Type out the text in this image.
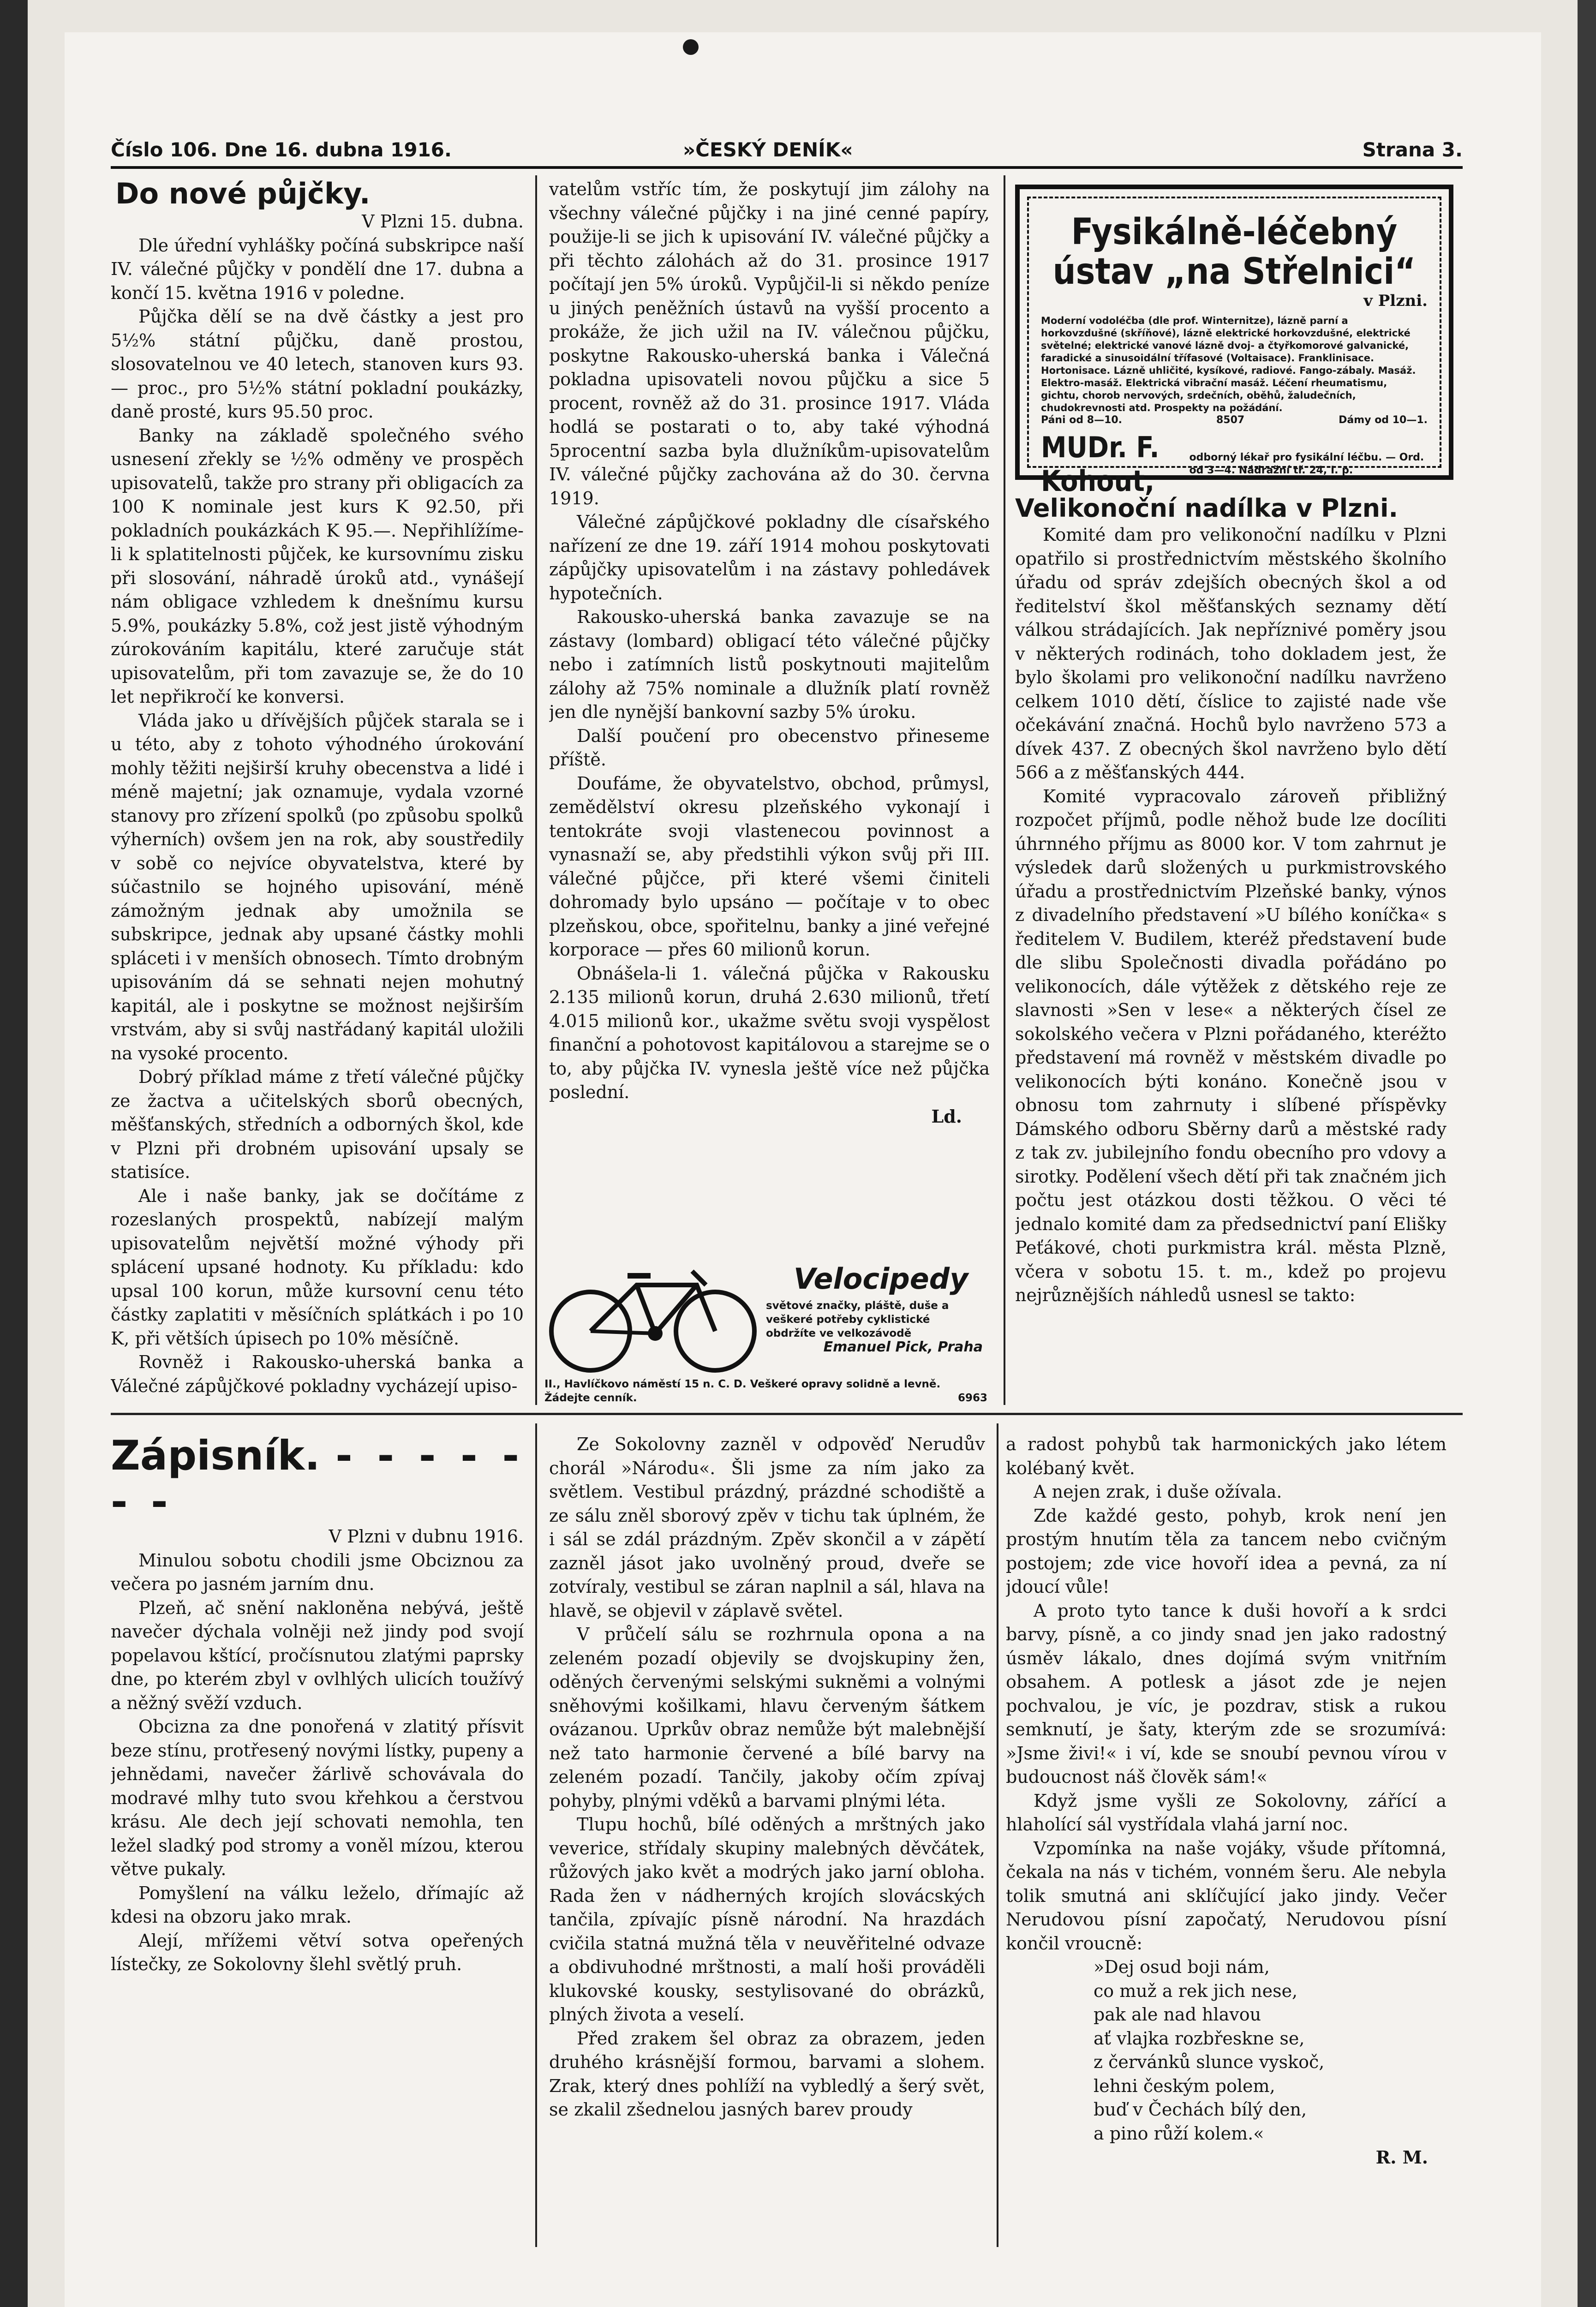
Číslo 106. Dne 16. dubna 1916.	»ČESKÝ DENÍK«	Strana 3.
Do nové půjčky.
V Plzni 15. dubna.

Dle úřední vyhlášky počíná subskripce naší IV. válečné půjčky v pondělí dne 17. dubna a končí 15. května 1916 v poledne.

Půjčka dělí se na dvě částky a jest pro 5½% státní půjčku, daně prostou, slosovatelnou ve 40 letech, stanoven kurs 93.— proc., pro 5½% státní pokladní poukázky, daně prosté, kurs 95.50 proc.

Banky na základě společného svého usnesení zřekly se ½% odměny ve prospěch upisovatelů, takže pro strany při obligacích za 100 K nominale jest kurs K 92.50, při pokladních poukázkách K 95.—. Nepřihlížíme-li k splatitelnosti půjček, ke kursovnímu zisku při slosování, náhradě úroků atd., vynášejí nám obligace vzhledem k dnešnímu kursu 5.9%, poukázky 5.8%, což jest jistě výhodným zúrokováním kapitálu, které zaručuje stát upisovatelům, při tom zavazuje se, že do 10 let nepřikročí ke konversi.

Vláda jako u dřívějších půjček starala se i u této, aby z tohoto výhodného úrokování mohly těžiti nejširší kruhy obecenstva a lidé i méně majetní; jak oznamuje, vydala vzorné stanovy pro zřízení spolků (po způsobu spolků výherních) ovšem jen na rok, aby soustředily v sobě co nejvíce obyvatelstva, které by súčastnilo se hojného upisování, méně zámožným jednak aby umožnila se subskripce, jednak aby upsané částky mohli spláceti i v menších obnosech. Tímto drobným upisováním dá se sehnati nejen mohutný kapitál, ale i poskytne se možnost nejširším vrstvám, aby si svůj nastřádaný kapitál uložili na vysoké procento.

Dobrý příklad máme z třetí válečné půjčky ze žactva a učitelských sborů obecných, měšťanských, středních a odborných škol, kde v Plzni při drobném upisování upsaly se statisíce.

Ale i naše banky, jak se dočítáme z rozeslaných prospektů, nabízejí malým upisovatelům největší možné výhody při splácení upsané hodnoty. Ku příkladu: kdo upsal 100 korun, může kursovní cenu této částky zaplatiti v měsíčních splátkách i po 10 K, při větších úpisech po 10% měsíčně.

Rovněž i Rakousko-uherská banka a Válečné zápůjčkové pokladny vycházejí upiso-

vatelům vstříc tím, že poskytují jim zálohy na všechny válečné půjčky i na jiné cenné papíry, použije-li se jich k upisování IV. válečné půjčky a při těchto zálohách až do 31. prosince 1917 počítají jen 5% úroků. Vypůjčil-li si někdo peníze u jiných peněžních ústavů na vyšší procento a prokáže, že jich užil na IV. válečnou půjčku, poskytne Rakousko-uherská banka i Válečná pokladna upisovateli novou půjčku a sice 5 procent, rovněž až do 31. prosince 1917. Vláda hodlá se postarati o to, aby také výhodná 5procentní sazba byla dlužníkům-upisovatelům IV. válečné půjčky zachována až do 30. června 1919.

Válečné zápůjčkové pokladny dle císařského nařízení ze dne 19. září 1914 mohou poskytovati zápůjčky upisovatelům i na zástavy pohledávek hypotečních.

Rakousko-uherská banka zavazuje se na zástavy (lombard) obligací této válečné půjčky nebo i zatímních listů poskytnouti majitelům zálohy až 75% nominale a dlužník platí rovněž jen dle nynější bankovní sazby 5% úroku.

Další poučení pro obecenstvo přineseme příště.

Doufáme, že obyvatelstvo, obchod, průmysl, zemědělství okresu plzeňského vykonají i tentokráte svoji vlastenecou povinnost a vynasnaží se, aby předstihli výkon svůj při III. válečné půjčce, při které všemi činiteli dohromady bylo upsáno — počítaje v to obec plzeňskou, obce, spořitelnu, banky a jiné veřejné korporace — přes 60 milionů korun.

Obnášela-li 1. válečná půjčka v Rakousku 2.135 milionů korun, druhá 2.630 milionů, třetí 4.015 milionů kor., ukažme světu svoji vyspělost finanční a pohotovost kapitálovou a starejme se o to, aby půjčka IV. vynesla ještě více než půjčka poslední.

Ld.
Velocipedy
světové značky, pláště, duše a veškeré potřeby cyklistické obdržíte ve velkozávodě
Emanuel Pick, Praha
II., Havlíčkovo náměstí 15 n. C. D. Veškeré opravy solidně a levně. Žádejte cenník.	6963
Fysikálně-léčebný ústav „na Střelnici“
v Plzni.
Moderní vodoléčba (dle prof. Winternitze), lázně parní a horkovzdušné (skříňové), lázně elektrické horkovzdušné, elektrické světelné; elektrické vanové lázně dvoj- a čtyřkomorové galvanické, faradické a sinusoidální třífasové (Voltaisace). Franklinisace. Hortonisace. Lázně uhličité, kysíkové, radiové. Fango-zábaly. Masáž. Elektro-masáž. Elektrická vibrační masáž. Léčení rheumatismu, gichtu, chorob nervových, srdečních, oběhů, žaludečních, chudokrevnosti atd. Prospekty na požádání.
Páni od 8—10.	8507	Dámy od 10—1.
MUDr. F. Kohout,
odborný lékař pro fysikální léčbu. — Ord. od 3—4. Nádražní tř. 24, I. p.
Velikonoční nadílka v Plzni.

Komité dam pro velikonoční nadílku v Plzni opatřilo si prostřednictvím městského školního úřadu od správ zdejších obecných škol a od ředitelství škol měšťanských seznamy dětí válkou strádajících. Jak nepříznivé poměry jsou v některých rodinách, toho dokladem jest, že bylo školami pro velikonoční nadílku navrženo celkem 1010 dětí, číslice to zajisté nade vše očekávání značná. Hochů bylo navrženo 573 a dívek 437. Z obecných škol navrženo bylo dětí 566 a z měšťanských 444.

Komité vypracovalo zároveň přibližný rozpočet příjmů, podle něhož bude lze docíliti úhrnného příjmu as 8000 kor. V tom zahrnut je výsledek darů složených u purkmistrovského úřadu a prostřednictvím Plzeňské banky, výnos z divadelního představení »U bílého koníčka« s ředitelem V. Budilem, kteréž představení bude dle slibu Společnosti divadla pořádáno po velikonocích, dále výtěžek z dětského reje ze slavnosti »Sen v lese« a některých čísel ze sokolského večera v Plzni pořádaného, kteréžto představení má rovněž v městském divadle po velikonocích býti konáno. Konečně jsou v obnosu tom zahrnuty i slíbené příspěvky Dámského odboru Sběrny darů a městské rady z tak zv. jubilejního fondu obecního pro vdovy a sirotky. Podělení všech dětí při tak značném jich počtu jest otázkou dosti těžkou. O věci té jednalo komité dam za předsednictví paní Elišky Peťákové, choti purkmistra král. města Plzně, včera v sobotu 15. t. m., kdež po projevu nejrůznějších náhledů usnesl se takto:

Zápisník. - - - - - - -
V Plzni v dubnu 1916.

Minulou sobotu chodili jsme Obciznou za večera po jasném jarním dnu.

Plzeň, ač snění nakloněna nebývá, ještě navečer dýchala volněji než jindy pod svojí popelavou kštící, pročísnutou zlatými paprsky dne, po kterém zbyl v ovlhlých ulicích toužívý a něžný svěží vzduch.

Obcizna za dne ponořená v zlatitý přísvit beze stínu, protřesený novými lístky, pupeny a jehnědami, navečer žárlivě schovávala do modravé mlhy tuto svou křehkou a čerstvou krásu. Ale dech její schovati nemohla, ten ležel sladký pod stromy a voněl mízou, kterou větve pukaly.

Pomyšlení na válku leželo, dřímajíc až kdesi na obzoru jako mrak.

Alejí, mřížemi větví sotva opeřených lístečky, ze Sokolovny šlehl světlý pruh.

Ze Sokolovny zazněl v odpověď Nerudův chorál »Národu«. Šli jsme za ním jako za světlem. Vestibul prázdný, prázdné schodiště a ze sálu zněl sborový zpěv v tichu tak úplném, že i sál se zdál prázdným. Zpěv skončil a v zápětí zazněl jásot jako uvolněný proud, dveře se zotvíraly, vestibul se záran naplnil a sál, hlava na hlavě, se objevil v záplavě světel.

V průčelí sálu se rozhrnula opona a na zeleném pozadí objevily se dvojskupiny žen, oděných červenými selskými sukněmi a volnými sněhovými košilkami, hlavu červeným šátkem ovázanou. Uprkův obraz nemůže být malebnější než tato harmonie červené a bílé barvy na zeleném pozadí. Tančily, jakoby očím zpívaj pohyby, plnými vděků a barvami plnými léta.

Tlupu hochů, bílé oděných a mrštných jako veverice, střídaly skupiny malebných děvčátek, růžových jako květ a modrých jako jarní obloha. Rada žen v nádherných krojích slovácských tančila, zpívajíc písně národní. Na hrazdách cvičila statná mužná těla v neuvěřitelné odvaze a obdivuhodné mrštnosti, a malí hoši prováděli klukovské kousky, sestylisované do obrázků, plných života a veselí.

Před zrakem šel obraz za obrazem, jeden druhého krásnější formou, barvami a slohem. Zrak, který dnes pohlíží na vybledlý a šerý svět, se zkalil zšednelou jasných barev proudy

a radost pohybů tak harmonických jako létem kolébaný květ.

A nejen zrak, i duše ožívala.

Zde každé gesto, pohyb, krok není jen prostým hnutím těla za tancem nebo cvičným postojem; zde vice hovoří idea a pevná, za ní jdoucí vůle!

A proto tyto tance k duši hovoří a k srdci barvy, písně, a co jindy snad jen jako radostný úsměv lákalo, dnes dojímá svým vnitřním obsahem. A potlesk a jásot zde je nejen pochvalou, je víc, je pozdrav, stisk a rukou semknutí, je šaty, kterým zde se srozumívá: »Jsme živi!« i ví, kde se snoubí pevnou vírou v budoucnost náš člověk sám!«

Když jsme vyšli ze Sokolovny, zářící a hlaholící sál vystřídala vlahá jarní noc.

Vzpomínka na naše vojáky, všude přítomná, čekala na nás v tichém, vonném šeru. Ale nebyla tolik smutná ani sklíčující jako jindy. Večer Nerudovou písní započatý, Nerudovou písní končil vroucně:

»Dej osud boji nám,
co muž a rek jich nese,
pak ale nad hlavou
ať vlajka rozbřeskne se,
z červánků slunce vyskoč,
lehni českým polem,
buď v Čechách bílý den,
a pino růží kolem.«
R. M.
